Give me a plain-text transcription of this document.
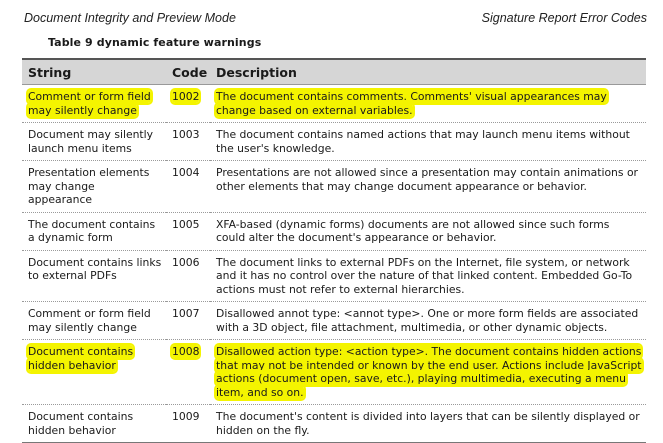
Document Integrity and Preview Mode	Signature Report Error Codes
Table 9 dynamic feature warnings
String	Code	Description
Comment or form field may silently change	1002	The document contains comments. Comments' visual appearances may change based on external variables.
Document may silently launch menu items	1003	The document contains named actions that may launch menu items without the user's knowledge.
Presentation elements may change appearance	1004	Presentations are not allowed since a presentation may contain animations or other elements that may change document appearance or behavior.
The document contains a dynamic form	1005	XFA-based (dynamic forms) documents are not allowed since such forms could alter the document's appearance or behavior.
Document contains links to external PDFs	1006	The document links to external PDFs on the Internet, file system, or network and it has no control over the nature of that linked content. Embedded Go-To actions must not refer to external hierarchies.
Comment or form field may silently change	1007	Disallowed annot type: <annot type>. One or more form fields are associated with a 3D object, file attachment, multimedia, or other dynamic objects.
Document contains hidden behavior	1008	Disallowed action type: <action type>. The document contains hidden actions that may not be intended or known by the end user. Actions include JavaScript actions (document open, save, etc.), playing multimedia, executing a menu item, and so on.
Document contains hidden behavior	1009	The document's content is divided into layers that can be silently displayed or hidden on the fly.
